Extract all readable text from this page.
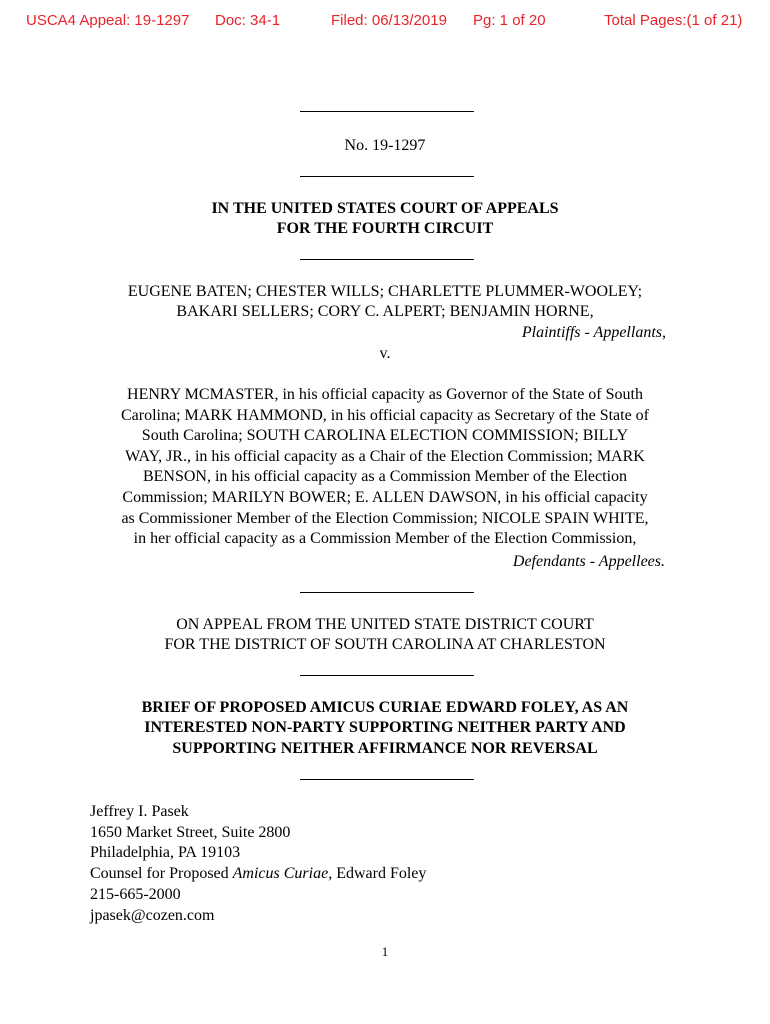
USCA4 Appeal: 19-1297 Doc: 34-1	Filed: 06/13/2019 Pg: 1 of 20	Total Pages:(1 of 21)
No. 19-1297
IN THE UNITED STATES COURT OF APPEALS
FOR THE FOURTH CIRCUIT
EUGENE BATEN; CHESTER WILLS; CHARLETTE PLUMMER-WOOLEY;
BAKARI SELLERS; CORY C. ALPERT; BENJAMIN HORNE,
Plaintiffs - Appellants,
v.
HENRY MCMASTER, in his official capacity as Governor of the State of South
Carolina; MARK HAMMOND, in his official capacity as Secretary of the State of
South Carolina; SOUTH CAROLINA ELECTION COMMISSION; BILLY
WAY, JR., in his official capacity as a Chair of the Election Commission; MARK
BENSON, in his official capacity as a Commission Member of the Election
Commission; MARILYN BOWER; E. ALLEN DAWSON, in his official capacity
as Commissioner Member of the Election Commission; NICOLE SPAIN WHITE,
in her official capacity as a Commission Member of the Election Commission,
Defendants - Appellees.
ON APPEAL FROM THE UNITED STATE DISTRICT COURT
FOR THE DISTRICT OF SOUTH CAROLINA AT CHARLESTON
BRIEF OF PROPOSED AMICUS CURIAE EDWARD FOLEY, AS AN
INTERESTED NON-PARTY SUPPORTING NEITHER PARTY AND
SUPPORTING NEITHER AFFIRMANCE NOR REVERSAL
Jeffrey I. Pasek
1650 Market Street, Suite 2800
Philadelphia, PA 19103
Counsel for Proposed Amicus Curiae, Edward Foley
215-665-2000
jpasek@cozen.com
1
